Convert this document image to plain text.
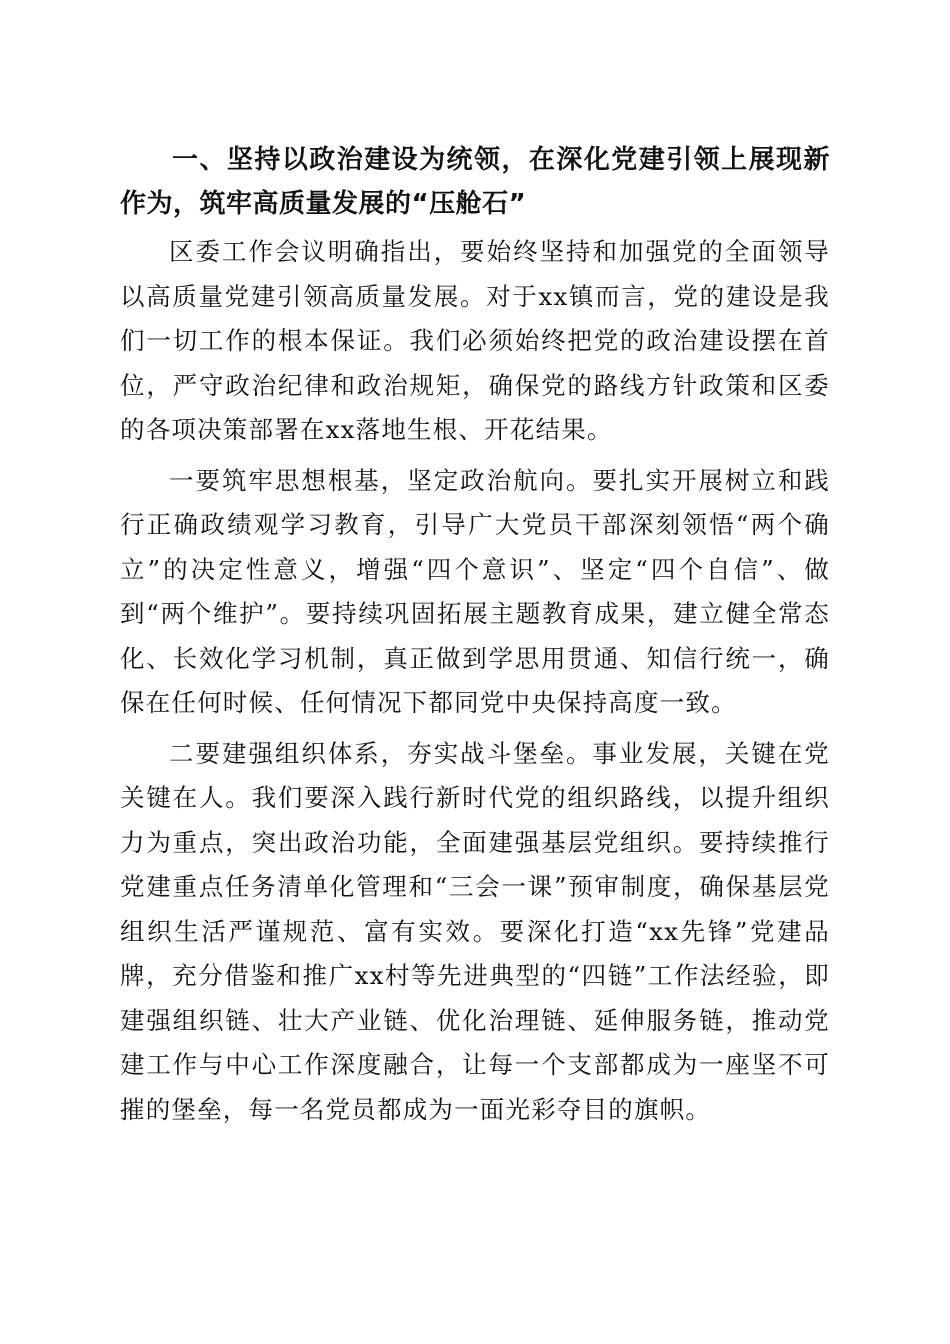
一、坚持以政治建设为统领，在深化党建引领上展现新作为，筑牢高质量发展的“压舱石”

区委工作会议明确指出，要始终坚持和加强党的全面领导以高质量党建引领高质量发展。对于xx镇而言，党的建设是我们一切工作的根本保证。我们必须始终把党的政治建设摆在首位，严守政治纪律和政治规矩，确保党的路线方针政策和区委的各项决策部署在xx落地生根、开花结果。

一要筑牢思想根基，坚定政治航向。要扎实开展树立和践行正确政绩观学习教育，引导广大党员干部深刻领悟“两个确立”的决定性意义，增强“四个意识”、坚定“四个自信”、做到“两个维护”。要持续巩固拓展主题教育成果，建立健全常态化、长效化学习机制，真正做到学思用贯通、知信行统一，确保在任何时候、任何情况下都同党中央保持高度一致。

二要建强组织体系，夯实战斗堡垒。事业发展，关键在党关键在人。我们要深入践行新时代党的组织路线，以提升组织力为重点，突出政治功能，全面建强基层党组织。要持续推行党建重点任务清单化管理和“三会一课”预审制度，确保基层党组织生活严谨规范、富有实效。要深化打造“xx先锋”党建品牌，充分借鉴和推广xx村等先进典型的“四链”工作法经验，即建强组织链、壮大产业链、优化治理链、延伸服务链，推动党建工作与中心工作深度融合，让每一个支部都成为一座坚不可摧的堡垒，每一名党员都成为一面光彩夺目的旗帜。
